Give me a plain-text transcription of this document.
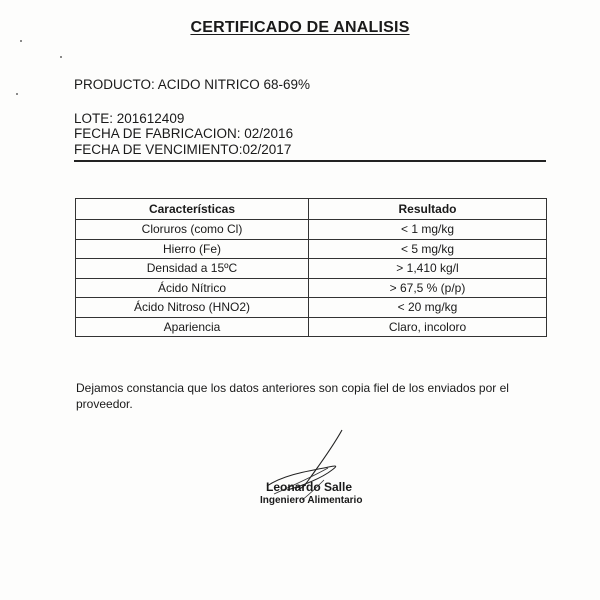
CERTIFICADO DE ANALISIS
PRODUCTO: ACIDO NITRICO 68-69%
LOTE: 201612409
FECHA DE FABRICACION: 02/2016
FECHA DE VENCIMIENTO:02/2017
Características	Resultado
Cloruros (como Cl)	< 1 mg/kg
Hierro (Fe)	< 5 mg/kg
Densidad a 15ºC	> 1,410 kg/l
Ácido Nítrico	> 67,5 % (p/p)
Ácido Nitroso (HNO2)	< 20 mg/kg
Apariencia	Claro, incoloro
Dejamos constancia que los datos anteriores son copia fiel de los enviados por el proveedor.
Leonardo Salle
Ingeniero Alimentario
